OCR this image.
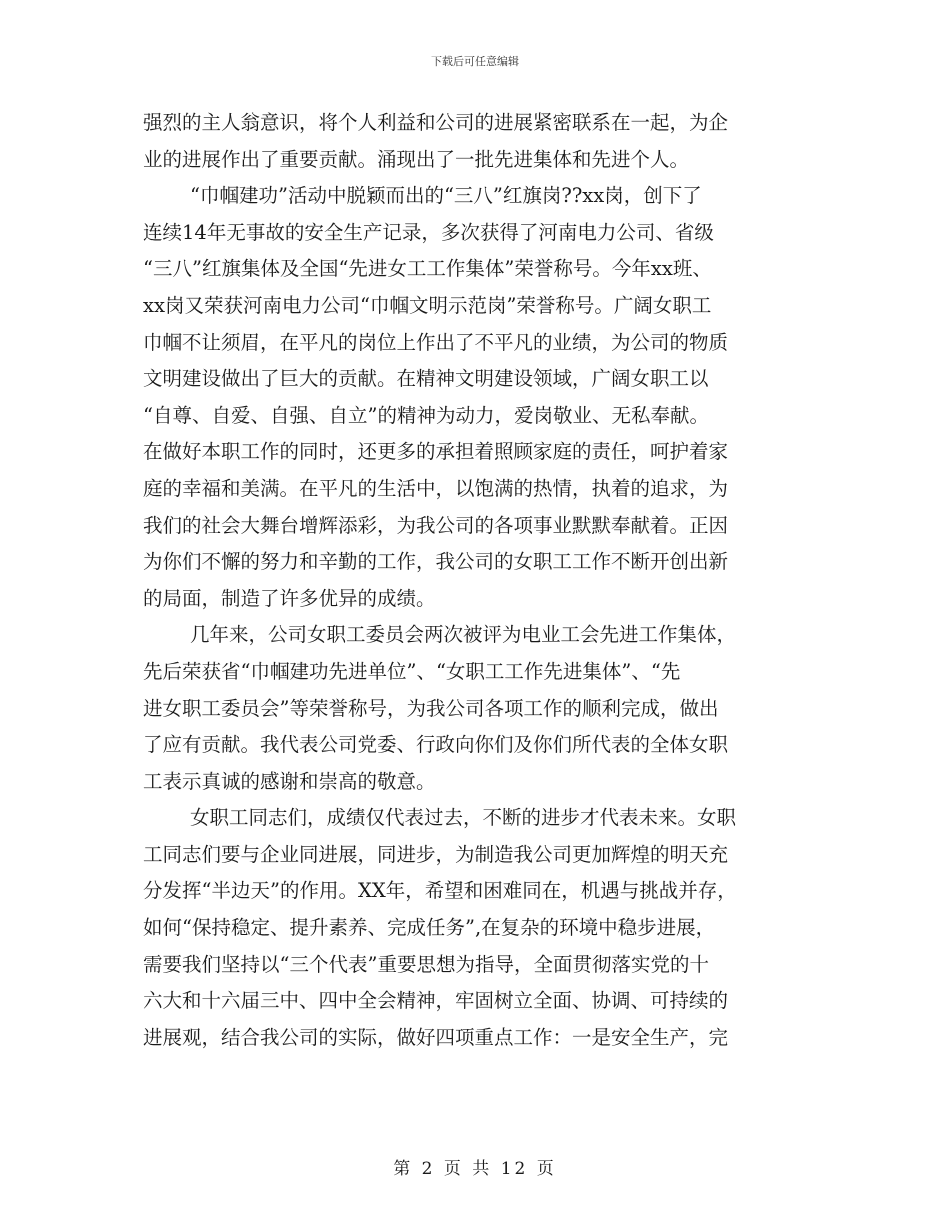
下载后可任意编辑
强烈的主人翁意识，将个人利益和公司的进展紧密联系在一起，为企
业的进展作出了重要贡献。涌现出了一批先进集体和先进个人。
“巾帼建功”活动中脱颖而出的“三八”红旗岗??xx岗，创下了
连续14年无事故的安全生产记录，多次获得了河南电力公司、省级
“三八”红旗集体及全国“先进女工工作集体”荣誉称号。今年xx班、
xx岗又荣获河南电力公司“巾帼文明示范岗”荣誉称号。广阔女职工
巾帼不让须眉，在平凡的岗位上作出了不平凡的业绩，为公司的物质
文明建设做出了巨大的贡献。在精神文明建设领域，广阔女职工以
“自尊、自爱、自强、自立”的精神为动力，爱岗敬业、无私奉献。
在做好本职工作的同时，还更多的承担着照顾家庭的责任，呵护着家
庭的幸福和美满。在平凡的生活中，以饱满的热情，执着的追求，为
我们的社会大舞台增辉添彩，为我公司的各项事业默默奉献着。正因
为你们不懈的努力和辛勤的工作，我公司的女职工工作不断开创出新
的局面，制造了许多优异的成绩。
几年来，公司女职工委员会两次被评为电业工会先进工作集体，
先后荣获省“巾帼建功先进单位”、“女职工工作先进集体”、“先
进女职工委员会”等荣誉称号，为我公司各项工作的顺利完成，做出
了应有贡献。我代表公司党委、行政向你们及你们所代表的全体女职
工表示真诚的感谢和崇高的敬意。
女职工同志们，成绩仅代表过去，不断的进步才代表未来。女职
工同志们要与企业同进展，同进步，为制造我公司更加辉煌的明天充
分发挥“半边天”的作用。XX年，希望和困难同在，机遇与挑战并存，
如何“保持稳定、提升素养、完成任务”,在复杂的环境中稳步进展，
需要我们坚持以“三个代表”重要思想为指导，全面贯彻落实党的十
六大和十六届三中、四中全会精神，牢固树立全面、协调、可持续的
进展观，结合我公司的实际，做好四项重点工作：一是安全生产，完
第 2 页 共 12 页
